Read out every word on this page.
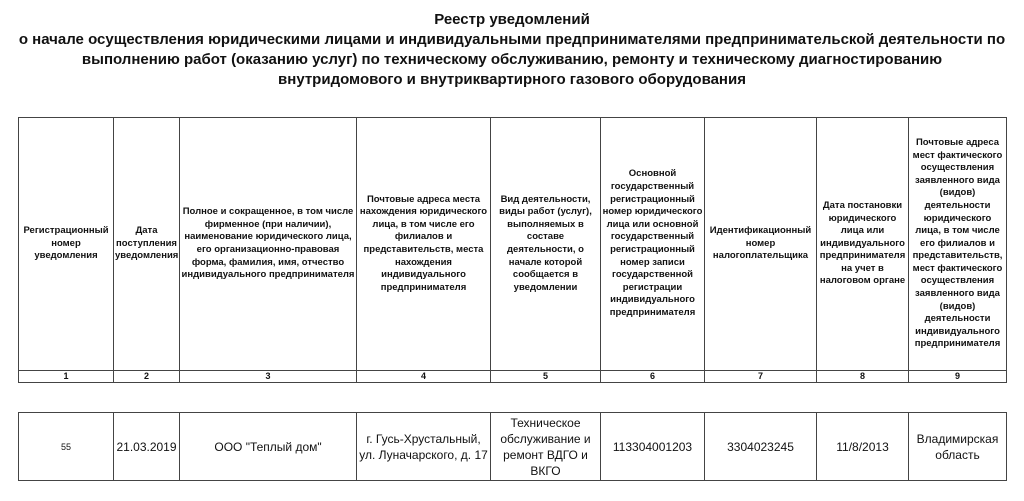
Реестр уведомлений
о начале осуществления юридическими лицами и индивидуальными предпринимателями предпринимательской деятельности по выполнению работ (оказанию услуг) по техническому обслуживанию, ремонту и техническому диагностированию внутридомового и внутриквартирного газового оборудования
Регистрационный номер уведомления	Дата поступления уведомления	Полное и сокращенное, в том числе фирменное (при наличии), наименование юридического лица, его организационно-правовая форма, фамилия, имя, отчество индивидуального предпринимателя	Почтовые адреса места нахождения юридического лица, в том числе его филиалов и представительств, места нахождения индивидуального предпринимателя	Вид деятельности, виды работ (услуг), выполняемых в составе деятельности, о начале которой сообщается в уведомлении	Основной государственный регистрационный номер юридического лица или основной государственный регистрационный номер записи государственной регистрации индивидуального предпринимателя	Идентификационный номер налогоплательщика	Дата постановки юридического лица или индивидуального предпринимателя на учет в налоговом органе	Почтовые адреса мест фактического осуществления заявленного вида (видов) деятельности юридического лица, в том числе его филиалов и представительств, мест фактического осуществления заявленного вида (видов) деятельности индивидуального предпринимателя
1	2	3	4	5	6	7	8	9
55	21.03.2019	ООО "Теплый дом"	г. Гусь-Хрустальный, ул. Луначарского, д. 17	Техническое обслуживание и ремонт ВДГО и ВКГО	113304001203	3304023245	11/8/2013	Владимирская область
